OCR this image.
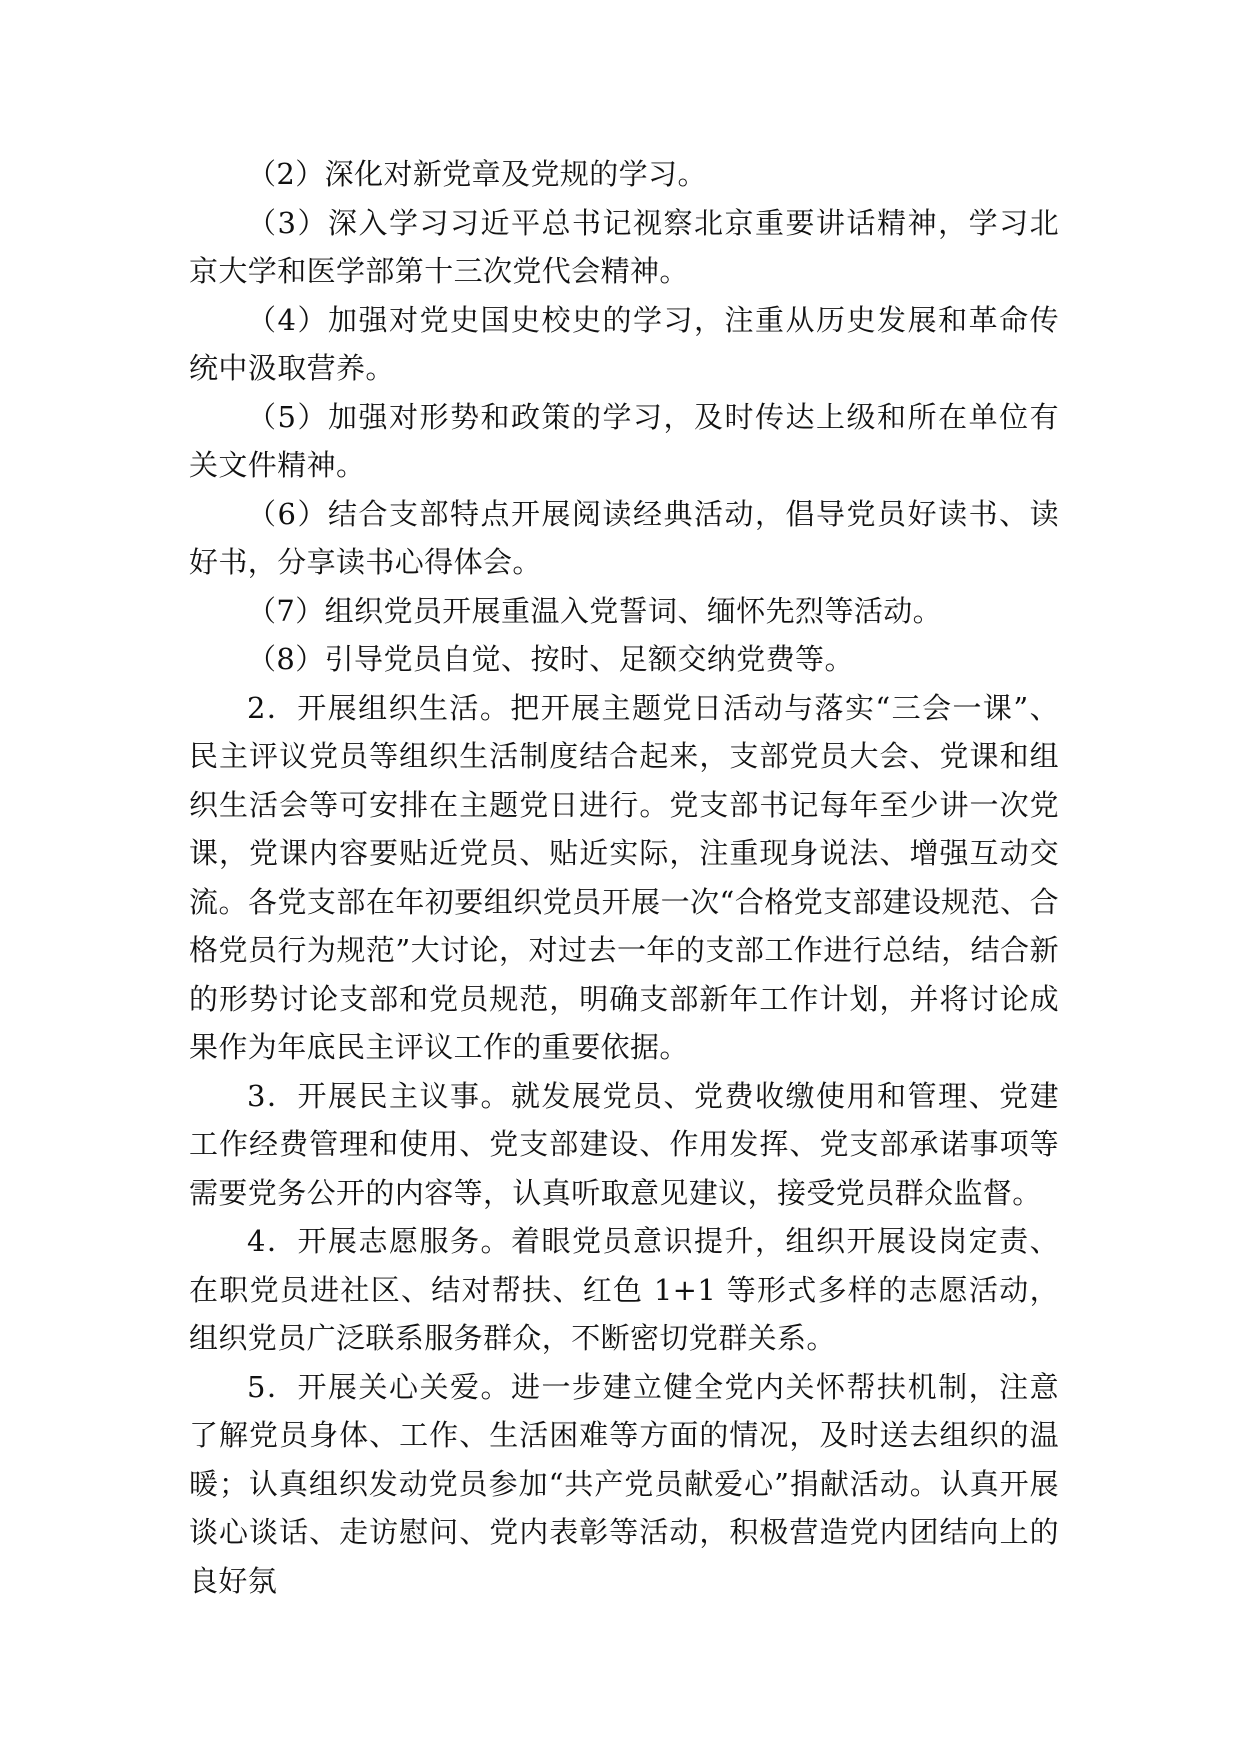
（2）深化对新党章及党规的学习。

（3）深入学习习近平总书记视察北京重要讲话精神，学习北京大学和医学部第十三次党代会精神。

（4）加强对党史国史校史的学习，注重从历史发展和革命传统中汲取营养。

（5）加强对形势和政策的学习，及时传达上级和所在单位有关文件精神。

（6）结合支部特点开展阅读经典活动，倡导党员好读书、读好书，分享读书心得体会。

（7）组织党员开展重温入党誓词、缅怀先烈等活动。

（8）引导党员自觉、按时、足额交纳党费等。

2．开展组织生活。把开展主题党日活动与落实“三会一课”、民主评议党员等组织生活制度结合起来，支部党员大会、党课和组织生活会等可安排在主题党日进行。党支部书记每年至少讲一次党课，党课内容要贴近党员、贴近实际，注重现身说法、增强互动交流。各党支部在年初要组织党员开展一次“合格党支部建设规范、合格党员行为规范”大讨论，对过去一年的支部工作进行总结，结合新的形势讨论支部和党员规范，明确支部新年工作计划，并将讨论成果作为年底民主评议工作的重要依据。

3．开展民主议事。就发展党员、党费收缴使用和管理、党建工作经费管理和使用、党支部建设、作用发挥、党支部承诺事项等需要党务公开的内容等，认真听取意见建议，接受党员群众监督。

4．开展志愿服务。着眼党员意识提升，组织开展设岗定责、在职党员进社区、结对帮扶、红色 1+1 等形式多样的志愿活动，组织党员广泛联系服务群众，不断密切党群关系。

5．开展关心关爱。进一步建立健全党内关怀帮扶机制，注意了解党员身体、工作、生活困难等方面的情况，及时送去组织的温暖；认真组织发动党员参加“共产党员献爱心”捐献活动。认真开展谈心谈话、走访慰问、党内表彰等活动，积极营造党内团结向上的良好氛
